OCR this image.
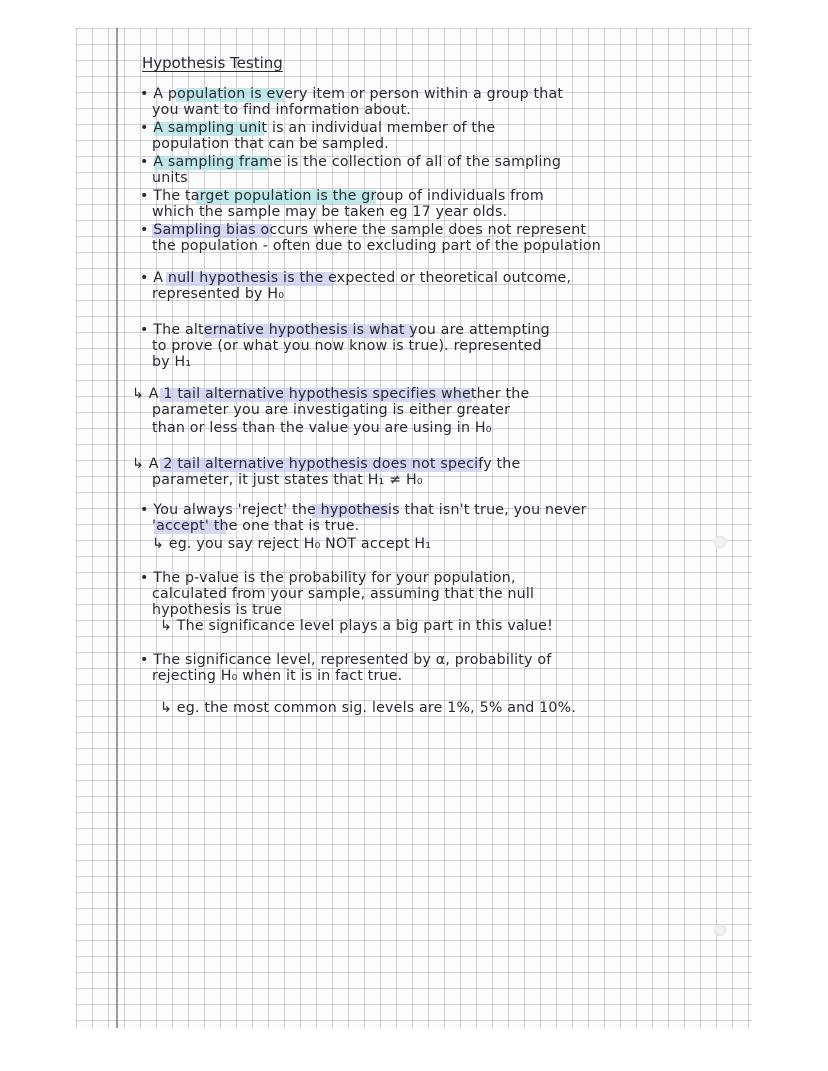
Hypothesis Testing
• A population is every item or person within a group that
you want to find information about.
• A sampling unit is an individual member of the
population that can be sampled.
• A sampling frame is the collection of all of the sampling
units
• The target population is the group of individuals from
which the sample may be taken eg 17 year olds.
• Sampling bias occurs where the sample does not represent
the population - often due to excluding part of the population
• A null hypothesis is the expected or theoretical outcome,
represented by H₀
• The alternative hypothesis is what you are attempting
to prove (or what you now know is true). represented
by H₁
↳ A 1 tail alternative hypothesis specifies whether the
parameter you are investigating is either greater
than or less than the value you are using in H₀
↳ A 2 tail alternative hypothesis does not specify the
parameter, it just states that H₁ ≠ H₀
• You always 'reject' the hypothesis that isn't true, you never
'accept' the one that is true.
↳ eg. you say reject H₀ NOT accept H₁
• The p-value is the probability for your population,
calculated from your sample, assuming that the null
hypothesis is true
↳ The significance level plays a big part in this value!
• The significance level, represented by α, probability of
rejecting H₀ when it is in fact true.
↳ eg. the most common sig. levels are 1%, 5% and 10%.
